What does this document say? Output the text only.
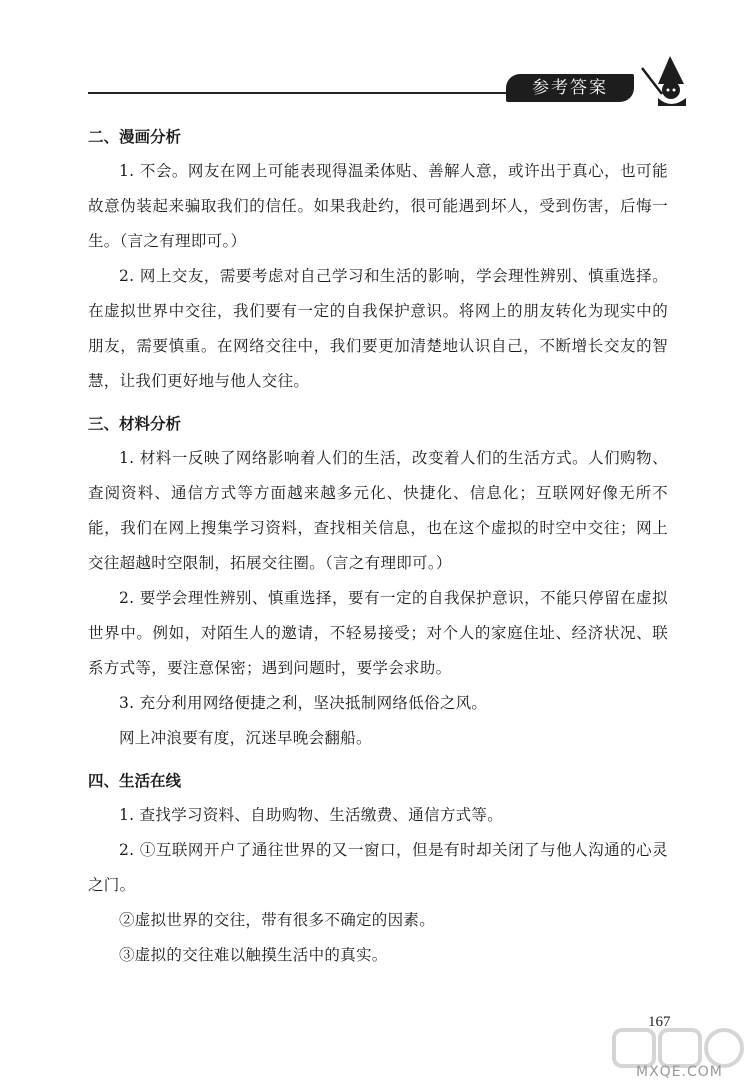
参考答案
二、漫画分析

1. 不会。网友在网上可能表现得温柔体贴、善解人意，或许出于真心，也可能故意伪装起来骗取我们的信任。如果我赴约，很可能遇到坏人，受到伤害，后悔一生。（言之有理即可。）

2. 网上交友，需要考虑对自己学习和生活的影响，学会理性辨别、慎重选择。在虚拟世界中交往，我们要有一定的自我保护意识。将网上的朋友转化为现实中的朋友，需要慎重。在网络交往中，我们要更加清楚地认识自己，不断增长交友的智慧，让我们更好地与他人交往。

三、材料分析

1. 材料一反映了网络影响着人们的生活，改变着人们的生活方式。人们购物、查阅资料、通信方式等方面越来越多元化、快捷化、信息化；互联网好像无所不能，我们在网上搜集学习资料，查找相关信息，也在这个虚拟的时空中交往；网上交往超越时空限制，拓展交往圈。（言之有理即可。）

2. 要学会理性辨别、慎重选择，要有一定的自我保护意识，不能只停留在虚拟世界中。例如，对陌生人的邀请，不轻易接受；对个人的家庭住址、经济状况、联系方式等，要注意保密；遇到问题时，要学会求助。

3. 充分利用网络便捷之利，坚决抵制网络低俗之风。

网上冲浪要有度，沉迷早晚会翻船。

四、生活在线

1. 查找学习资料、自助购物、生活缴费、通信方式等。

2. ①互联网开户了通往世界的又一窗口，但是有时却关闭了与他人沟通的心灵之门。

②虚拟世界的交往，带有很多不确定的因素。

③虚拟的交往难以触摸生活中的真实。

167
MXQE.COM
